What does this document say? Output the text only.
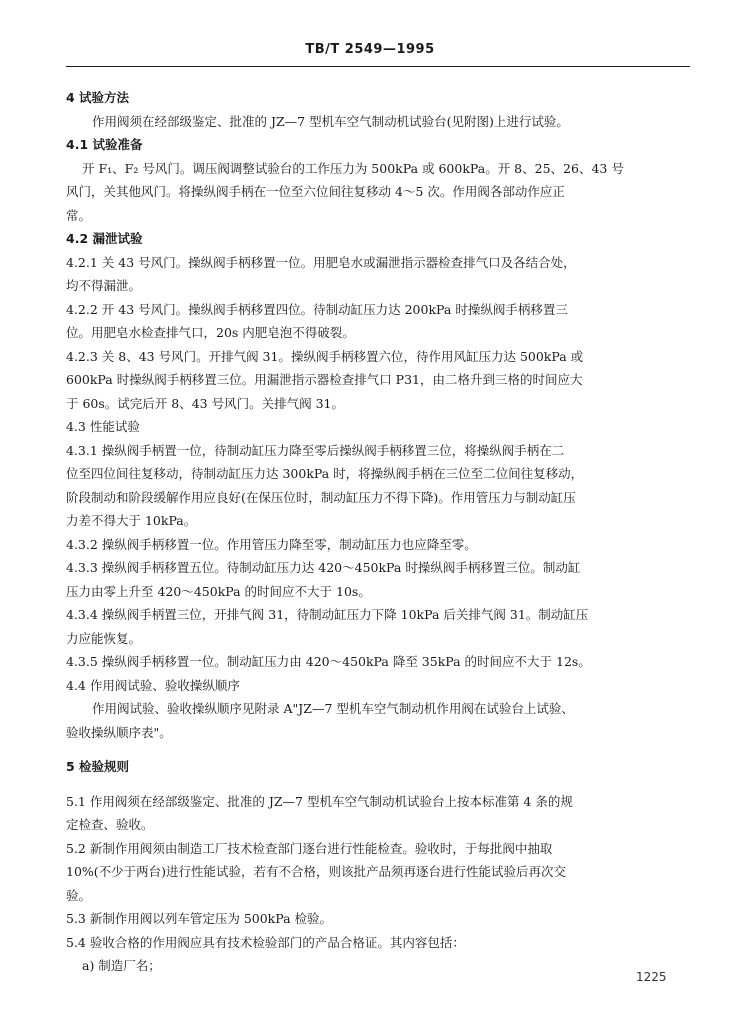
TB/T 2549—1995
4 试验方法
作用阀须在经部级鉴定、批准的 JZ—7 型机车空气制动机试验台(见附图)上进行试验。
4.1 试验准备
开 F₁、F₂ 号风门。调压阀调整试验台的工作压力为 500kPa 或 600kPa。开 8、25、26、43 号
风门，关其他风门。将操纵阀手柄在一位至六位间往复移动 4～5 次。作用阀各部动作应正
常。
4.2 漏泄试验
4.2.1 关 43 号风门。操纵阀手柄移置一位。用肥皂水或漏泄指示器检查排气口及各结合处，
均不得漏泄。
4.2.2 开 43 号风门。操纵阀手柄移置四位。待制动缸压力达 200kPa 时操纵阀手柄移置三
位。用肥皂水检查排气口，20s 内肥皂泡不得破裂。
4.2.3 关 8、43 号风门。开排气阀 31。操纵阀手柄移置六位，待作用风缸压力达 500kPa 或
600kPa 时操纵阀手柄移置三位。用漏泄指示器检查排气口 P31，由二格升到三格的时间应大
于 60s。试完后开 8、43 号风门。关排气阀 31。
4.3 性能试验
4.3.1 操纵阀手柄置一位，待制动缸压力降至零后操纵阀手柄移置三位，将操纵阀手柄在二
位至四位间往复移动，待制动缸压力达 300kPa 时，将操纵阀手柄在三位至二位间往复移动，
阶段制动和阶段缓解作用应良好(在保压位时，制动缸压力不得下降)。作用管压力与制动缸压
力差不得大于 10kPa。
4.3.2 操纵阀手柄移置一位。作用管压力降至零，制动缸压力也应降至零。
4.3.3 操纵阀手柄移置五位。待制动缸压力达 420～450kPa 时操纵阀手柄移置三位。制动缸
压力由零上升至 420～450kPa 的时间应不大于 10s。
4.3.4 操纵阀手柄置三位，开排气阀 31，待制动缸压力下降 10kPa 后关排气阀 31。制动缸压
力应能恢复。
4.3.5 操纵阀手柄移置一位。制动缸压力由 420～450kPa 降至 35kPa 的时间应不大于 12s。
4.4 作用阀试验、验收操纵顺序
作用阀试验、验收操纵顺序见附录 A"JZ—7 型机车空气制动机作用阀在试验台上试验、
验收操纵顺序表"。
5 检验规则
5.1 作用阀须在经部级鉴定、批准的 JZ—7 型机车空气制动机试验台上按本标准第 4 条的规
定检查、验收。
5.2 新制作用阀须由制造工厂技术检查部门逐台进行性能检查。验收时，于每批阀中抽取
10%(不少于两台)进行性能试验，若有不合格，则该批产品须再逐台进行性能试验后再次交
验。
5.3 新制作用阀以列车管定压为 500kPa 检验。
5.4 验收合格的作用阀应具有技术检验部门的产品合格证。其内容包括：
a) 制造厂名；
1225
